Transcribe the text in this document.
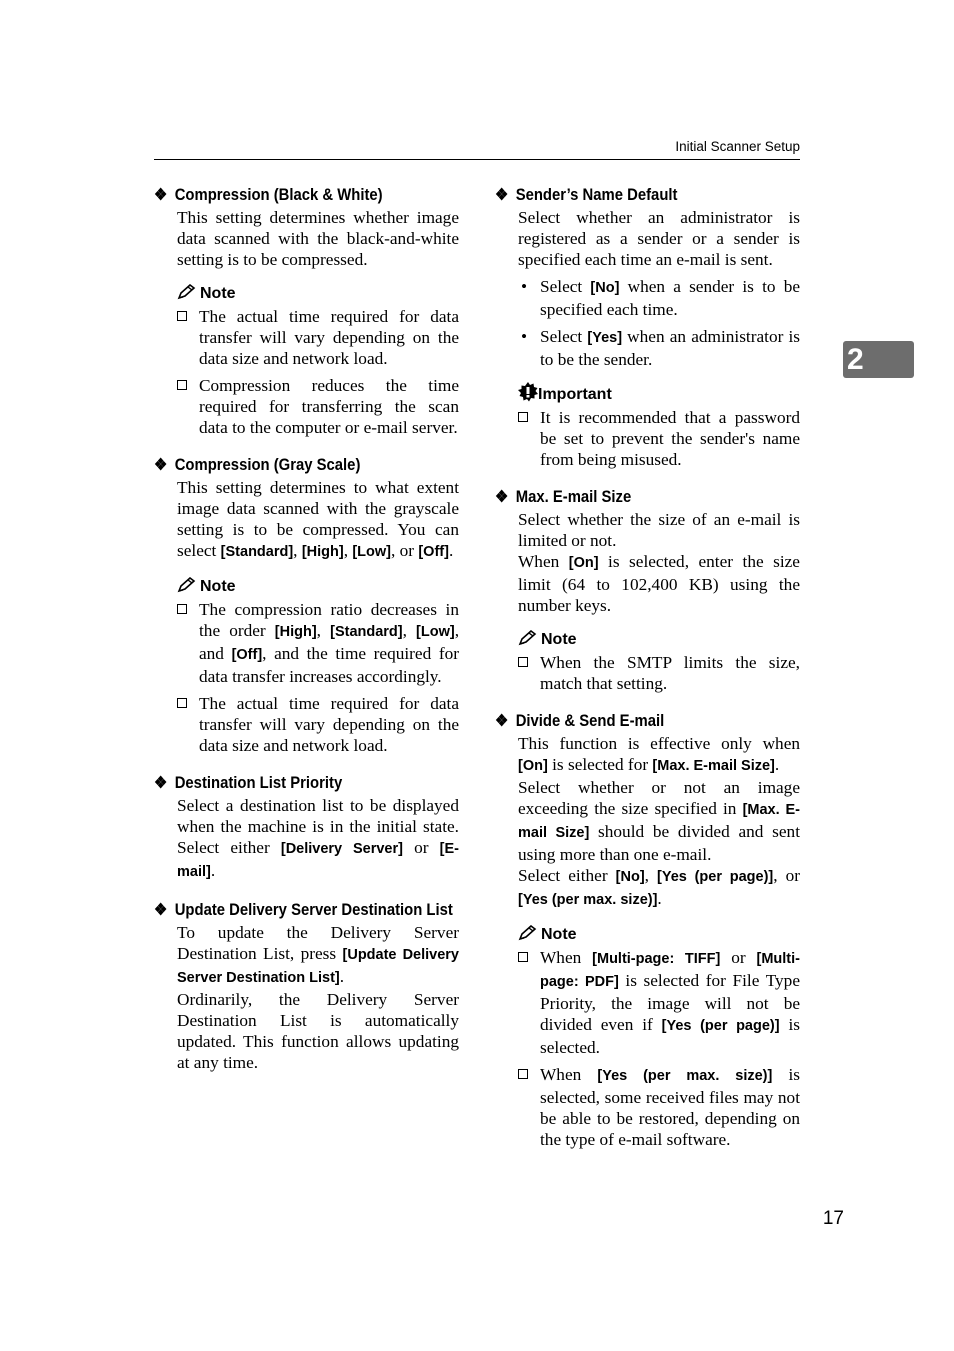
Initial Scanner Setup
2
17
❖ Compression (Black & White)

This setting determines whether image data scanned with the black-and-white setting is to be compressed.

Note
The actual time required for data transfer will vary depending on the data size and network load.
Compression reduces the time required for transferring the scan data to the computer or e-mail server.
❖ Compression (Gray Scale)

This setting determines to what extent image data scanned with the grayscale setting is to be compressed. You can select [Standard], [High], [Low], or [Off].

Note
The compression ratio decreases in the order [High], [Standard], [Low], and [Off], and the time required for data transfer increases accordingly.
The actual time required for data transfer will vary depending on the data size and network load.
❖ Destination List Priority

Select a destination list to be displayed when the machine is in the initial state. Select either [Delivery Server] or [E-mail].

❖ Update Delivery Server Destination List

To update the Delivery Server Destination List, press [Update Delivery Server Destination List].

Ordinarily, the Delivery Server Destination List is automatically updated. This function allows updating at any time.

❖ Sender’s Name Default

Select whether an administrator is registered as a sender or a sender is specified each time an e-mail is sent.

• Select [No] when a sender is to be specified each time.
• Select [Yes] when an administrator is to be the sender.
Important
It is recommended that a password be set to prevent the sender's name from being misused.
❖ Max. E-mail Size

Select whether the size of an e-mail is limited or not.

When [On] is selected, enter the size limit (64 to 102,400 KB) using the number keys.

Note
When the SMTP limits the size, match that setting.
❖ Divide & Send E-mail

This function is effective only when [On] is selected for [Max. E-mail Size].

Select whether or not an image exceeding the size specified in [Max. E-mail Size] should be divided and sent using more than one e-mail.

Select either [No], [Yes (per page)], or [Yes (per max. size)].

Note
When [Multi-page: TIFF] or [Multi-page: PDF] is selected for File Type Priority, the image will not be divided even if [Yes (per page)] is selected.
When [Yes (per max. size)] is selected, some received files may not be able to be restored, depending on the type of e-mail software.
